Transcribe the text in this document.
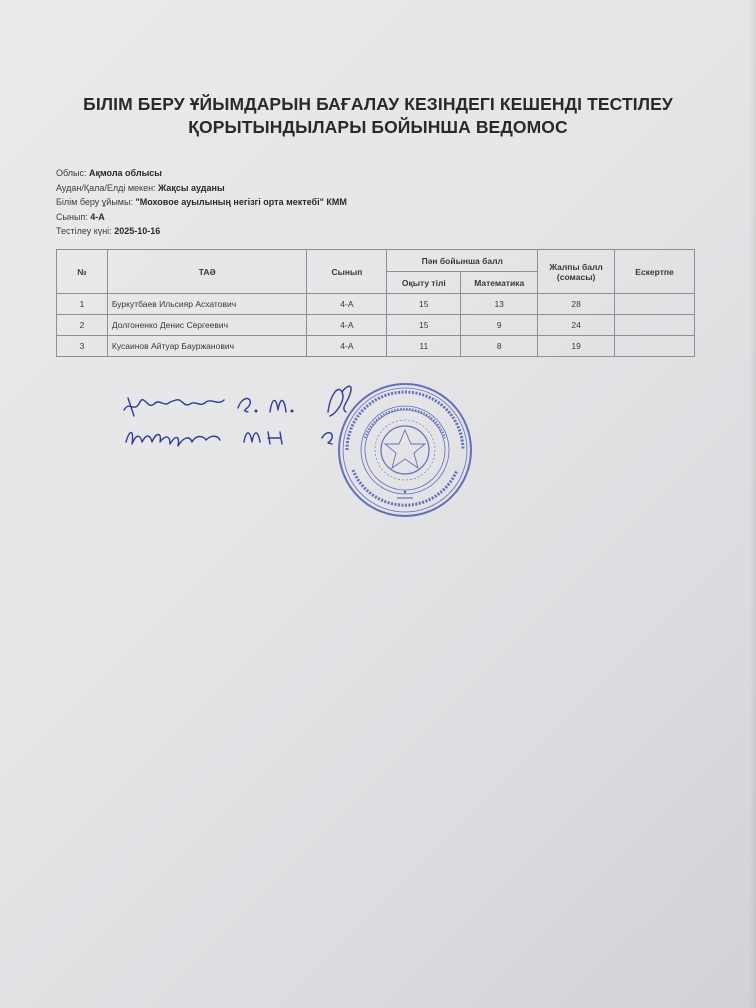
БІЛІМ БЕРУ ҰЙЫМДАРЫН БАҒАЛАУ КЕЗІНДЕГІ КЕШЕНДІ ТЕСТІЛЕУ
ҚОРЫТЫНДЫЛАРЫ БОЙЫНША ВЕДОМОС
Облыс: Ақмола облысы
Аудан/Қала/Елді мекен: Жақсы ауданы
Білім беру ұйымы: "Моховое ауылының негізгі орта мектебі" КММ
Сынып: 4-А
Тестілеу күні: 2025-10-16
№	ТАӘ	Сынып	Пән бойынша балл		Жалпы балл (сомасы)	Ескертпе
			Оқыту тілі	Математика		
1	Буркутбаев Ильсияр Асхатович	4-А	15	13	28	
2	Долгоненко Денис Сергеевич	4-А	15	9	24	
3	Кусаинов Айтуар Бауржанович	4-А	11	8	19	
